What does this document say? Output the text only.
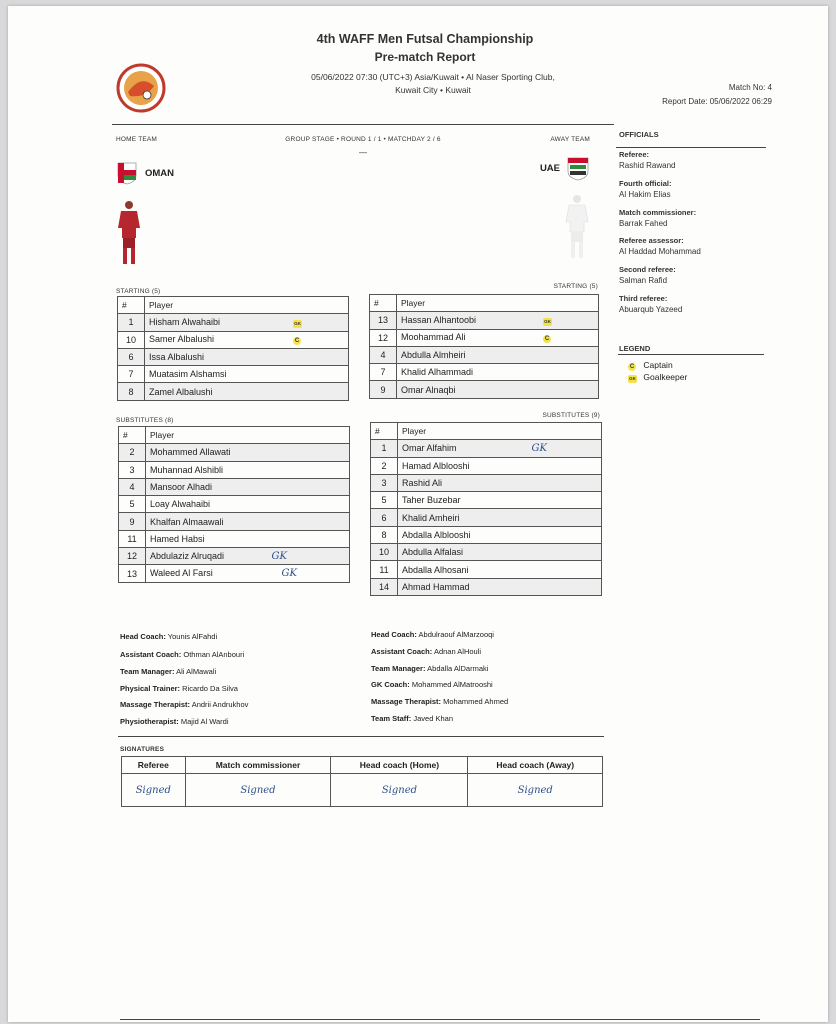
4th WAFF Men Futsal Championship
Pre-match Report
05/06/2022 07:30 (UTC+3) Asia/Kuwait • Al Naser Sporting Club,
Kuwait City • Kuwait	Match No: 4
Report Date: 05/06/2022 06:29
HOME TEAM	GROUP STAGE • ROUND 1 / 1 • MATCHDAY 2 / 6	AWAY TEAM
—
OMAN	UAE
STARTING (5)
STARTING (5)
#	Player
1	Hisham Alwahaibi GK

10	Samer Albalushi C

6	Issa Albalushi
7	Muatasim Alshamsi
8	Zamel Albalushi
#	Player
13	Hassan Alhantoobi GK

12	Moohammad Ali C

4	Abdulla Almheiri
7	Khalid Alhammadi
9	Omar Alnaqbi
SUBSTITUTES (8)
SUBSTITUTES (9)
#	Player
2	Mohammed Allawati
3	Muhannad Alshibli
4	Mansoor Alhadi
5	Loay Alwahaibi
9	Khalfan Almaawali
11	Hamed Habsi
12	Abdulaziz Alruqadi GK

13	Waleed Al Farsi GK
#	Player
1	Omar Alfahim GK

2	Hamad Alblooshi
3	Rashid Ali
5	Taher Buzebar
6	Khalid Amheiri
8	Abdalla Alblooshi
10	Abdulla Alfalasi
11	Abdalla Alhosani
14	Ahmad Hammad
Head Coach: Younis AlFahdi
Assistant Coach: Othman AlAnbouri
Team Manager: Ali AlMawali
Physical Trainer: Ricardo Da Silva
Massage Therapist: Andrii Andrukhov
Physiotherapist: Majid Al Wardi
Head Coach: Abdulraouf AlMarzooqi
Assistant Coach: Adnan AlHouli
Team Manager: Abdalla AlDarmaki
GK Coach: Mohammed AlMatrooshi
Massage Therapist: Mohammed Ahmed
Team Staff: Javed Khan
SIGNATURES
Referee	Match commissioner	Head coach (Home)	Head coach (Away)
Signed	Signed	Signed	Signed
OFFICIALS
Referee:
Rashid Rawand
Fourth official:
Al Hakim Elias
Match commissioner:
Barrak Fahed
Referee assessor:
Al Haddad Mohammad
Second referee:
Salman Rafid
Third referee:
Abuarqub Yazeed
LEGEND
C Captain
GK Goalkeeper
